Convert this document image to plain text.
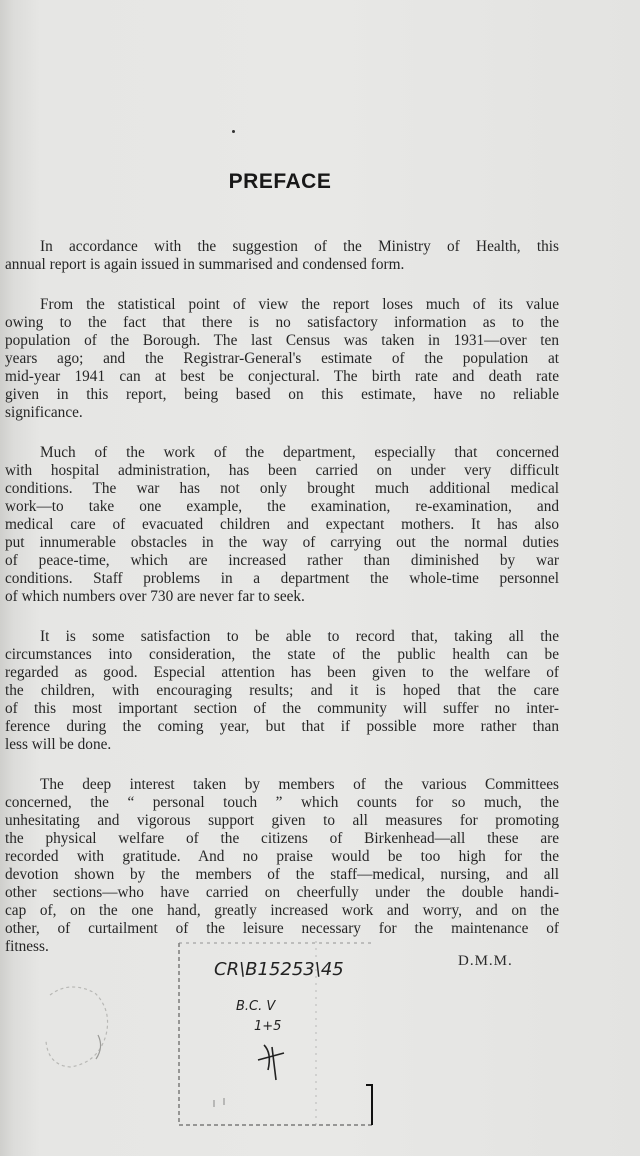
PREFACE

In accordance with the suggestion of the Ministry of Health, this
annual report is again issued in summarised and condensed form.

From the statistical point of view the report loses much of its value
owing to the fact that there is no satisfactory information as to the
population of the Borough. The last Census was taken in 1931—over ten
years ago; and the Registrar-General's estimate of the population at
mid-year 1941 can at best be conjectural. The birth rate and death rate
given in this report, being based on this estimate, have no reliable
significance.

Much of the work of the department, especially that concerned
with hospital administration, has been carried on under very difficult
conditions. The war has not only brought much additional medical
work—to take one example, the examination, re-examination, and
medical care of evacuated children and expectant mothers. It has also
put innumerable obstacles in the way of carrying out the normal duties
of peace-time, which are increased rather than diminished by war
conditions. Staff problems in a department the whole-time personnel
of which numbers over 730 are never far to seek.

It is some satisfaction to be able to record that, taking all the
circumstances into consideration, the state of the public health can be
regarded as good. Especial attention has been given to the welfare of
the children, with encouraging results; and it is hoped that the care
of this most important section of the community will suffer no inter-
ference during the coming year, but that if possible more rather than
less will be done.

The deep interest taken by members of the various Committees
concerned, the “ personal touch ” which counts for so much, the
unhesitating and vigorous support given to all measures for promoting
the physical welfare of the citizens of Birkenhead—all these are
recorded with gratitude. And no praise would be too high for the
devotion shown by the members of the staff—medical, nursing, and all
other sections—who have carried on cheerfully under the double handi-
cap of, on the one hand, greatly increased work and worry, and on the
other, of curtailment of the leisure necessary for the maintenance of
fitness.

D.M.M.
CR\B15253\45
B.C. V
1+5
